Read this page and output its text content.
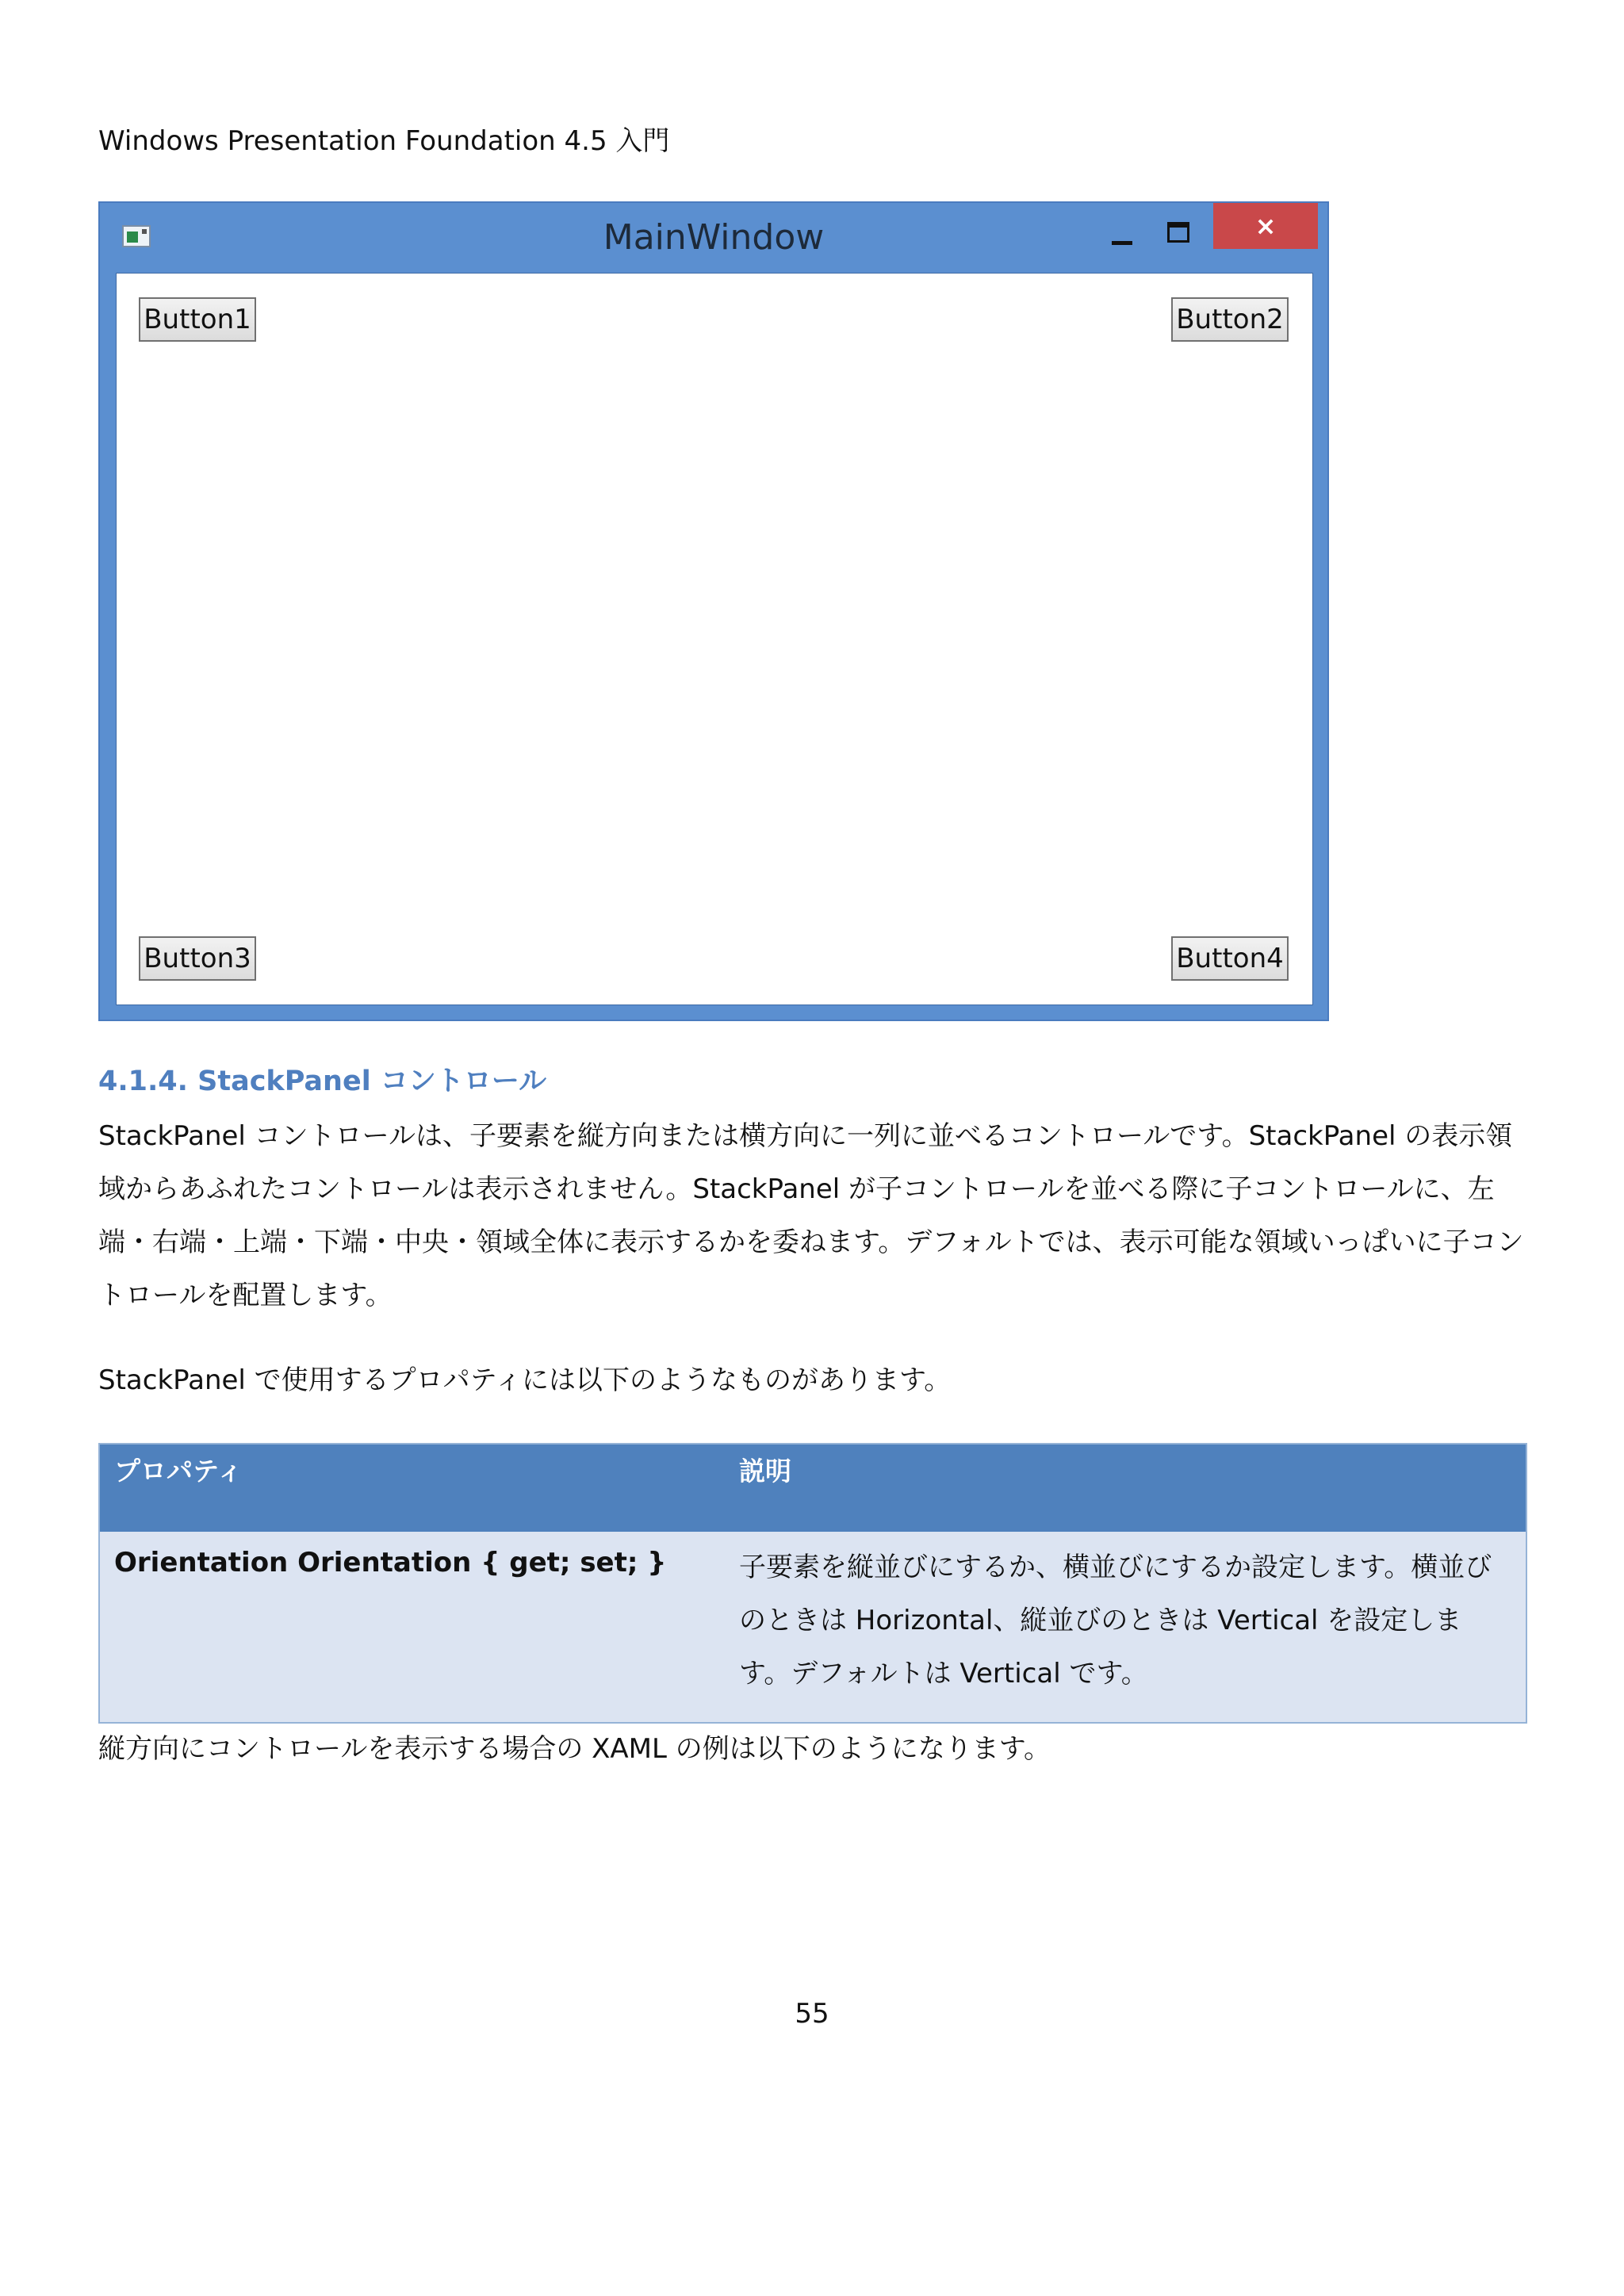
Windows Presentation Foundation 4.5 入門
MainWindow	×
Button1	Button2
Button3	Button4
4.1.4. StackPanel コントロール
StackPanel コントロールは、子要素を縦方向または横方向に一列に並べるコントロールです。StackPanel の表示領域からあふれたコントロールは表示されません。StackPanel が子コントロールを並べる際に子コントロールに、左端・右端・上端・下端・中央・領域全体に表示するかを委ねます。デフォルトでは、表示可能な領域いっぱいに子コントロールを配置します。
StackPanel で使用するプロパティには以下のようなものがあります。
プロパティ	説明
Orientation Orientation { get; set; }	子要素を縦並びにするか、横並びにするか設定します。横並びのときは Horizontal、縦並びのときは Vertical を設定します。デフォルトは Vertical です。
縦方向にコントロールを表示する場合の XAML の例は以下のようになります。
55
